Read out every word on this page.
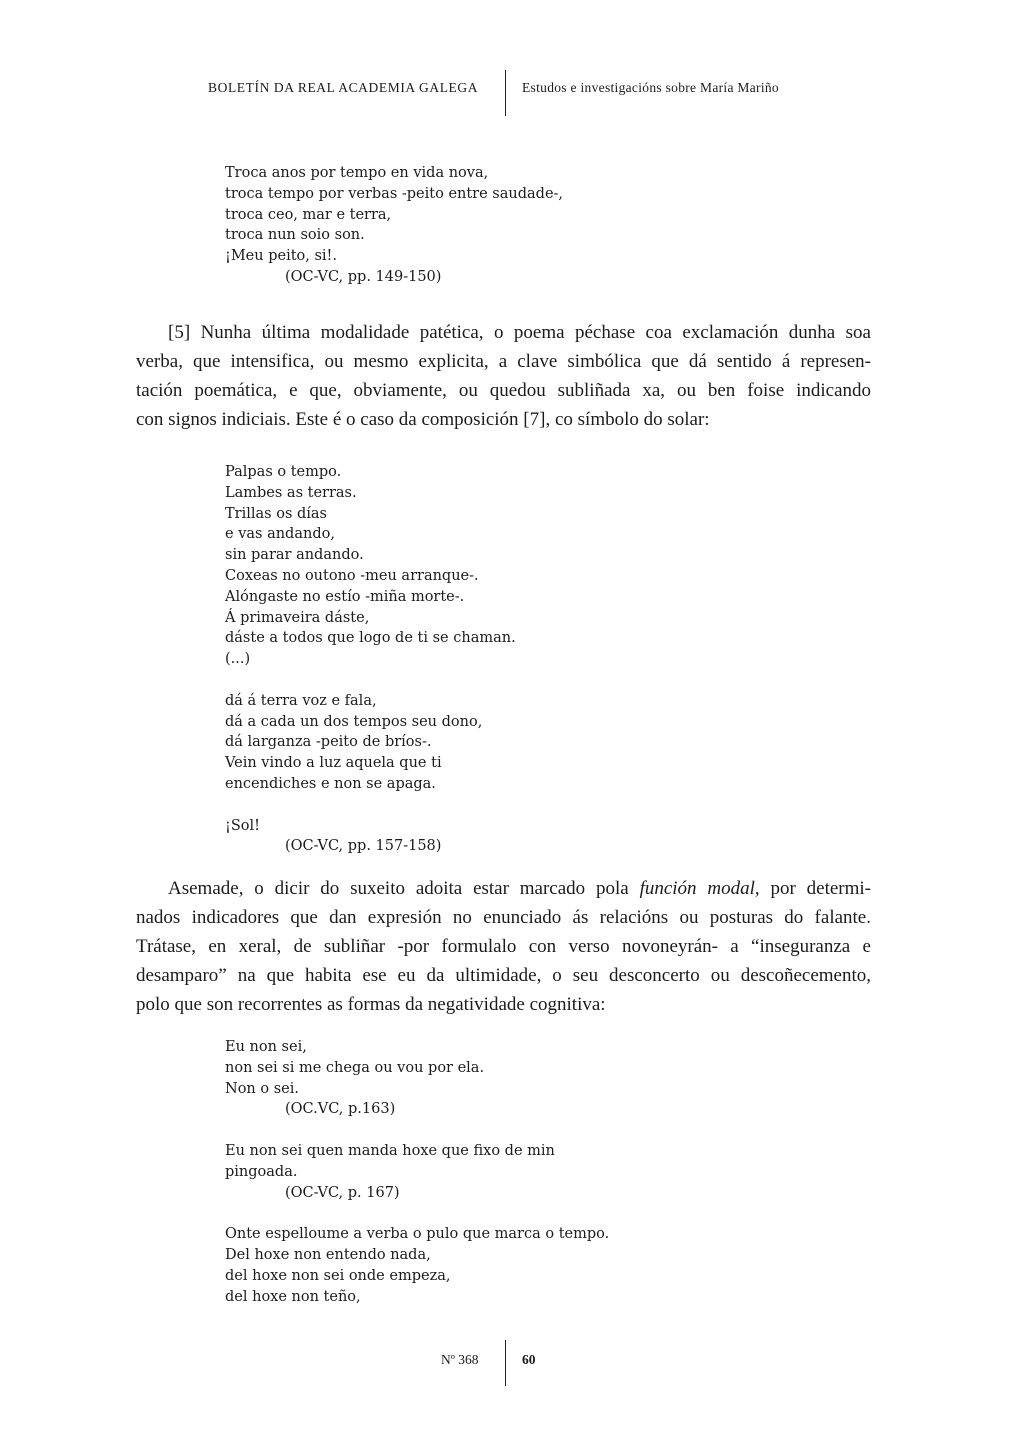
BOLETÍN DA REAL ACADEMIA GALEGA	Estudos e investigacións sobre María Mariño
Troca anos por tempo en vida nova,
troca tempo por verbas -peito entre saudade-,
troca ceo, mar e terra,
troca nun soio son.
¡Meu peito, si!.
(OC-VC, pp. 149-150)
[5] Nunha última modalidade patética, o poema péchase coa exclamación dunha soa
verba, que intensifica, ou mesmo explicita, a clave simbólica que dá sentido á represen-
tación poemática, e que, obviamente, ou quedou subliñada xa, ou ben foise indicando
con signos indiciais. Este é o caso da composición [7], co símbolo do solar:
Palpas o tempo.
Lambes as terras.
Trillas os días
e vas andando,
sin parar andando.
Coxeas no outono -meu arranque-.
Alóngaste no estío -miña morte-.
Á primaveira dáste,
dáste a todos que logo de ti se chaman.
(...)
dá á terra voz e fala,
dá a cada un dos tempos seu dono,
dá larganza -peito de bríos-.
Vein vindo a luz aquela que ti
encendiches e non se apaga.
¡Sol!
(OC-VC, pp. 157-158)
Asemade, o dicir do suxeito adoita estar marcado pola función modal, por determi-
nados indicadores que dan expresión no enunciado ás relacións ou posturas do falante.
Trátase, en xeral, de subliñar -por formulalo con verso novoneyrán- a “inseguranza e
desamparo” na que habita ese eu da ultimidade, o seu desconcerto ou descoñecemento,
polo que son recorrentes as formas da negatividade cognitiva:
Eu non sei,
non sei si me chega ou vou por ela.
Non o sei.
(OC.VC, p.163)
Eu non sei quen manda hoxe que fixo de min
pingoada.
(OC-VC, p. 167)
Onte espelloume a verba o pulo que marca o tempo.
Del hoxe non entendo nada,
del hoxe non sei onde empeza,
del hoxe non teño,
Nº 368	60
